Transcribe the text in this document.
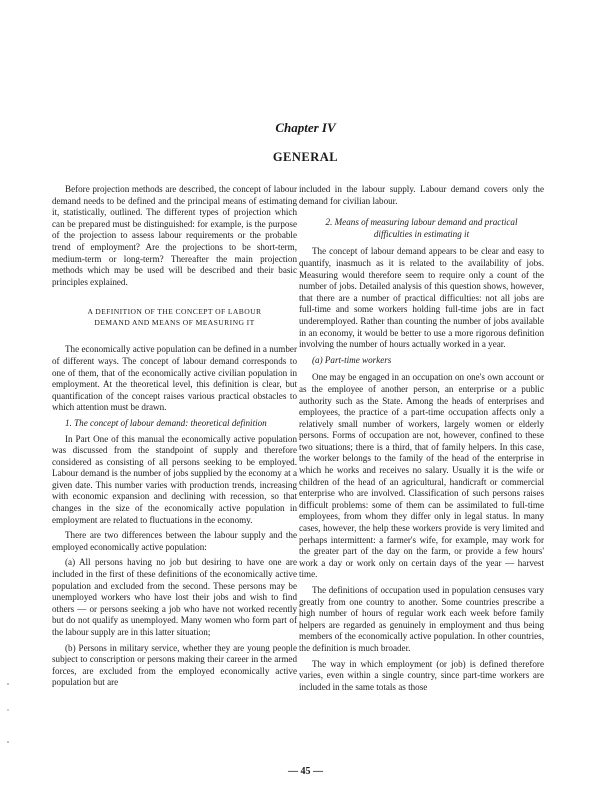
Chapter IV
GENERAL

Before projection methods are described, the concept of labour demand needs to be defined and the principal means of estimating it, statistically, outlined. The different types of projection which can be prepared must be distinguished: for example, is the purpose of the projection to assess labour requirements or the probable trend of employment? Are the projections to be short-term, medium-term or long-term? Thereafter the main projection methods which may be used will be described and their basic principles explained.

A DEFINITION OF THE CONCEPT OF LABOUR
DEMAND AND MEANS OF MEASURING IT

The economically active population can be defined in a number of different ways. The concept of labour demand corresponds to one of them, that of the economically active civilian population in employment. At the theoretical level, this definition is clear, but quantification of the concept raises various practical obstacles to which attention must be drawn.

1. The concept of labour demand: theoretical definition

In Part One of this manual the economically active population was discussed from the standpoint of supply and therefore considered as consisting of all persons seeking to be employed. Labour demand is the number of jobs supplied by the economy at a given date. This number varies with production trends, increasing with economic expansion and declining with recession, so that changes in the size of the economically active population in employment are related to fluctuations in the economy.

There are two differences between the labour supply and the employed economically active population:

(a) All persons having no job but desiring to have one are included in the first of these definitions of the economically active population and excluded from the second. These persons may be unemployed workers who have lost their jobs and wish to find others — or persons seeking a job who have not worked recently but do not qualify as unemployed. Many women who form part of the labour supply are in this latter situation;

(b) Persons in military service, whether they are young people subject to conscription or persons making their career in the armed forces, are excluded from the employed economically active population but are

included in the labour supply. Labour demand covers only the demand for civilian labour.

2. Means of measuring labour demand and practical
difficulties in estimating it

The concept of labour demand appears to be clear and easy to quantify, inasmuch as it is related to the availability of jobs. Measuring would therefore seem to require only a count of the number of jobs. Detailed analysis of this question shows, however, that there are a number of practical difficulties: not all jobs are full-time and some workers holding full-time jobs are in fact underemployed. Rather than counting the number of jobs available in an economy, it would be better to use a more rigorous definition involving the number of hours actually worked in a year.

(a) Part-time workers

One may be engaged in an occupation on one's own account or as the employee of another person, an enterprise or a public authority such as the State. Among the heads of enterprises and employees, the practice of a part-time occupation affects only a relatively small number of workers, largely women or elderly persons. Forms of occupation are not, however, confined to these two situations; there is a third, that of family helpers. In this case, the worker belongs to the family of the head of the enterprise in which he works and receives no salary. Usually it is the wife or children of the head of an agricultural, handicraft or commercial enterprise who are involved. Classification of such persons raises difficult problems: some of them can be assimilated to full-time employees, from whom they differ only in legal status. In many cases, however, the help these workers provide is very limited and perhaps intermittent: a farmer's wife, for example, may work for the greater part of the day on the farm, or provide a few hours' work a day or work only on certain days of the year — harvest time.

The definitions of occupation used in population censuses vary greatly from one country to another. Some countries prescribe a high number of hours of regular work each week before family helpers are regarded as genuinely in employment and thus being members of the economically active population. In other countries, the definition is much broader.

The way in which employment (or job) is defined therefore varies, even within a single country, since part-time workers are included in the same totals as those

— 45 —
